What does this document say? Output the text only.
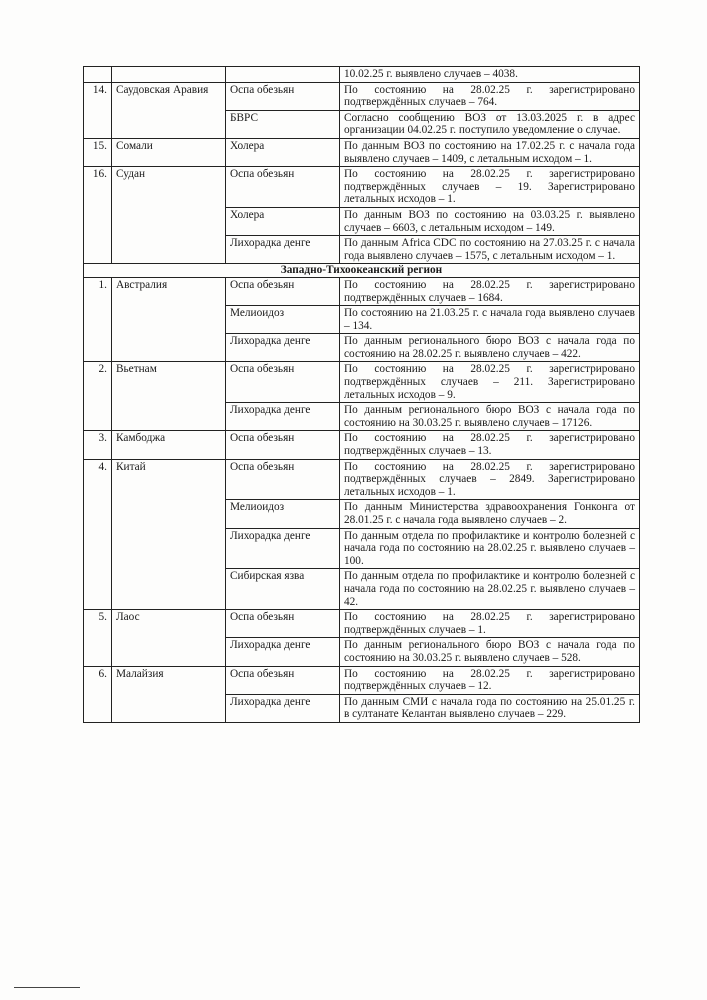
			10.02.25 г. выявлено случаев – 4038.
14.	Саудовская Аравия	Оспа обезьян	По состоянию на 28.02.25 г. зарегистрировано подтверждённых случаев – 764.
		БВРС	Согласно сообщению ВОЗ от 13.03.2025 г. в адрес организации 04.02.25 г. поступило уведомление о случае.
15.	Сомали	Холера	По данным ВОЗ по состоянию на 17.02.25 г. с начала года выявлено случаев – 1409, с летальным исходом – 1.
16.	Судан	Оспа обезьян	По состоянию на 28.02.25 г. зарегистрировано подтверждённых случаев – 19. Зарегистрировано летальных исходов – 1.
		Холера	По данным ВОЗ по состоянию на 03.03.25 г. выявлено случаев – 6603, с летальным исходом – 149.
		Лихорадка денге	По данным Africa CDC по состоянию на 27.03.25 г. с начала года выявлено случаев – 1575, с летальным исходом – 1.
Западно-Тихоокеанский регион			
1.	Австралия	Оспа обезьян	По состоянию на 28.02.25 г. зарегистрировано подтверждённых случаев – 1684.
		Мелиоидоз	По состоянию на 21.03.25 г. с начала года выявлено случаев – 134.
		Лихорадка денге	По данным регионального бюро ВОЗ с начала года по состоянию на 28.02.25 г. выявлено случаев – 422.
2.	Вьетнам	Оспа обезьян	По состоянию на 28.02.25 г. зарегистрировано подтверждённых случаев – 211. Зарегистрировано летальных исходов – 9.
		Лихорадка денге	По данным регионального бюро ВОЗ с начала года по состоянию на 30.03.25 г. выявлено случаев – 17126.
3.	Камбоджа	Оспа обезьян	По состоянию на 28.02.25 г. зарегистрировано подтверждённых случаев – 13.
4.	Китай	Оспа обезьян	По состоянию на 28.02.25 г. зарегистрировано подтверждённых случаев – 2849. Зарегистрировано летальных исходов – 1.
		Мелиоидоз	По данным Министерства здравоохранения Гонконга от 28.01.25 г. с начала года выявлено случаев – 2.
		Лихорадка денге	По данным отдела по профилактике и контролю болезней с начала года по состоянию на 28.02.25 г. выявлено случаев – 100.
		Сибирская язва	По данным отдела по профилактике и контролю болезней с начала года по состоянию на 28.02.25 г. выявлено случаев – 42.
5.	Лаос	Оспа обезьян	По состоянию на 28.02.25 г. зарегистрировано подтверждённых случаев – 1.
		Лихорадка денге	По данным регионального бюро ВОЗ с начала года по состоянию на 30.03.25 г. выявлено случаев – 528.
6.	Малайзия	Оспа обезьян	По состоянию на 28.02.25 г. зарегистрировано подтверждённых случаев – 12.
		Лихорадка денге	По данным СМИ с начала года по состоянию на 25.01.25 г. в султанате Келантан выявлено случаев – 229.
